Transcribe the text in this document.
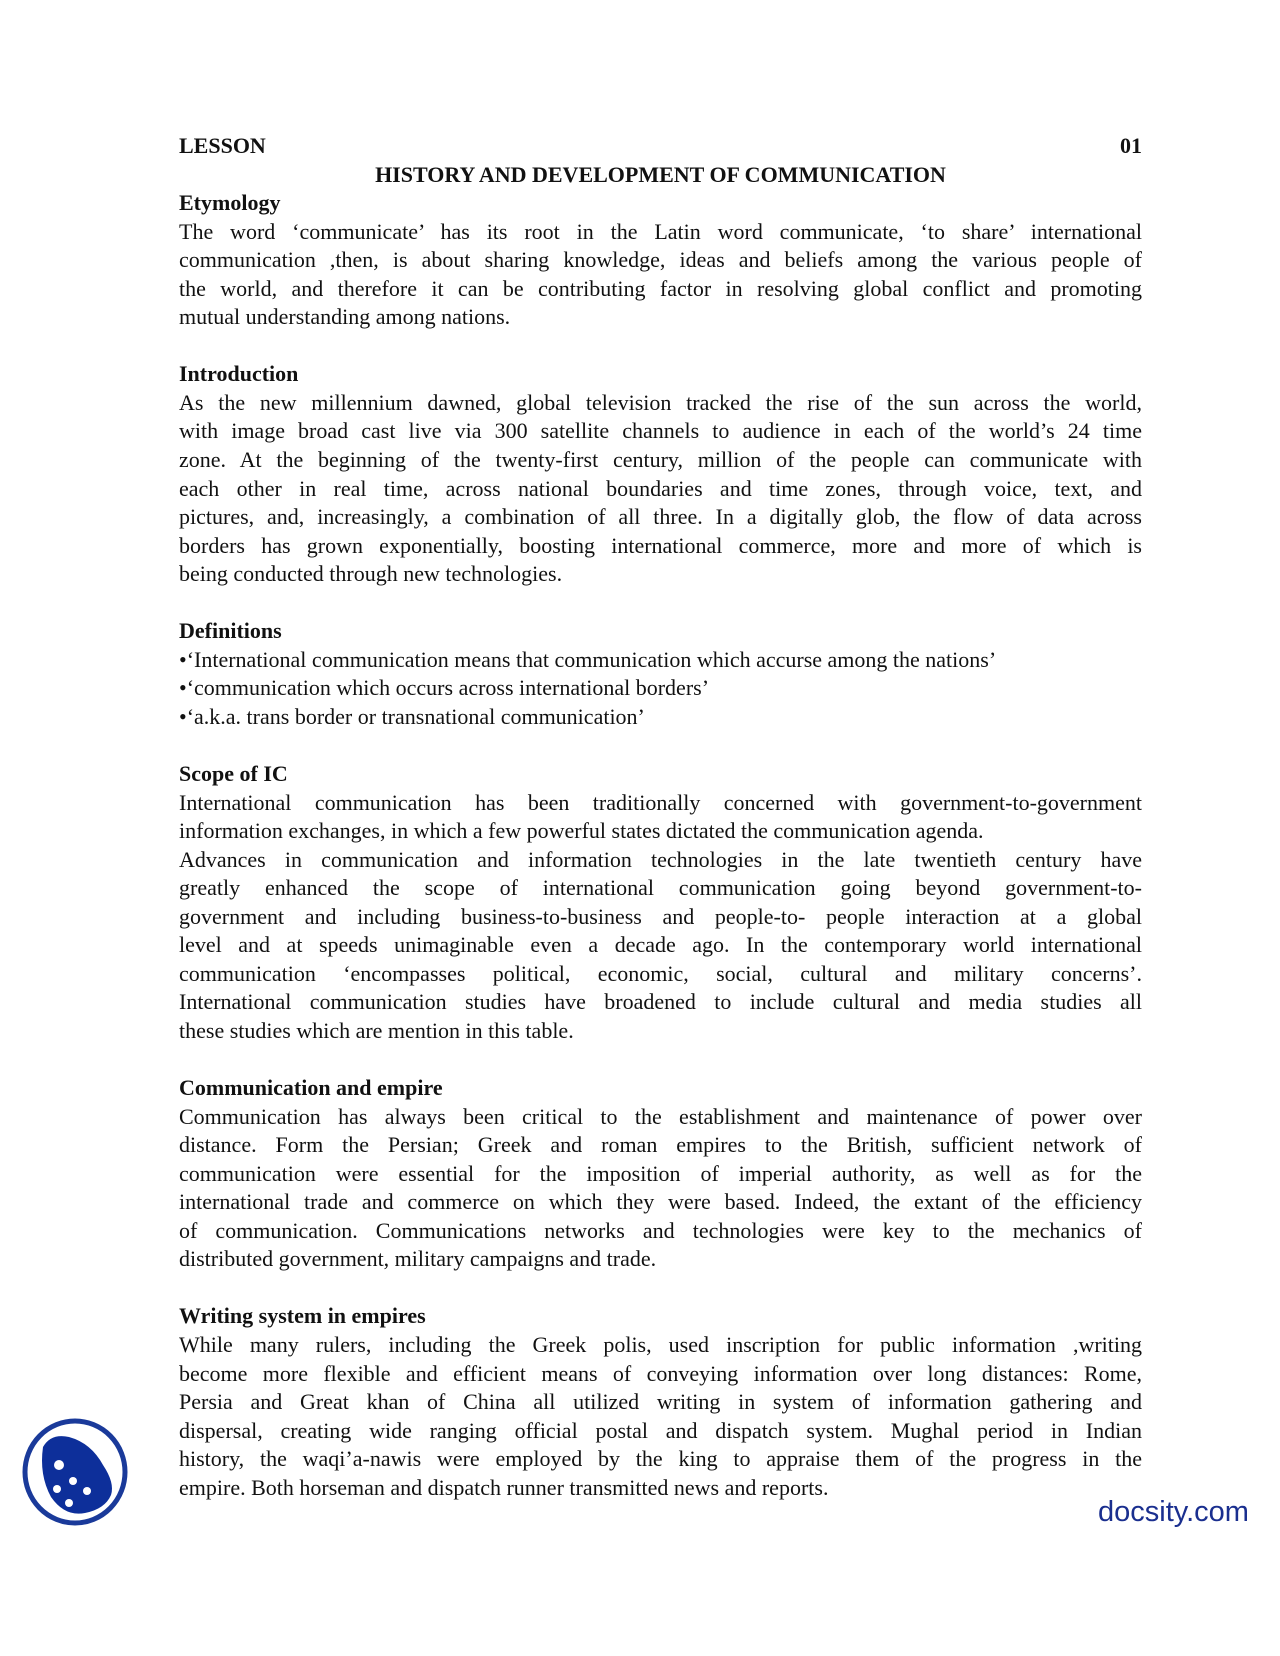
LESSON 01
HISTORY AND DEVELOPMENT OF COMMUNICATION
Etymology
The word ‘communicate’ has its root in the Latin word communicate, ‘to share’ international
communication ,then, is about sharing knowledge, ideas and beliefs among the various people of
the world, and therefore it can be contributing factor in resolving global conflict and promoting
mutual understanding among nations.
Introduction
As the new millennium dawned, global television tracked the rise of the sun across the world,
with image broad cast live via 300 satellite channels to audience in each of the world’s 24 time
zone. At the beginning of the twenty-first century, million of the people can communicate with
each other in real time, across national boundaries and time zones, through voice, text, and
pictures, and, increasingly, a combination of all three. In a digitally glob, the flow of data across
borders has grown exponentially, boosting international commerce, more and more of which is
being conducted through new technologies.
Definitions
•‘International communication means that communication which accurse among the nations’
•‘communication which occurs across international borders’
•‘a.k.a. trans border or transnational communication’
Scope of IC
International communication has been traditionally concerned with government-to-government
information exchanges, in which a few powerful states dictated the communication agenda.
Advances in communication and information technologies in the late twentieth century have
greatly enhanced the scope of international communication going beyond government-to-
government and including business-to-business and people-to- people interaction at a global
level and at speeds unimaginable even a decade ago. In the contemporary world international
communication ‘encompasses political, economic, social, cultural and military concerns’.
International communication studies have broadened to include cultural and media studies all
these studies which are mention in this table.
Communication and empire
Communication has always been critical to the establishment and maintenance of power over
distance. Form the Persian; Greek and roman empires to the British, sufficient network of
communication were essential for the imposition of imperial authority, as well as for the
international trade and commerce on which they were based. Indeed, the extant of the efficiency
of communication. Communications networks and technologies were key to the mechanics of
distributed government, military campaigns and trade.
Writing system in empires
While many rulers, including the Greek polis, used inscription for public information ,writing
become more flexible and efficient means of conveying information over long distances: Rome,
Persia and Great khan of China all utilized writing in system of information gathering and
dispersal, creating wide ranging official postal and dispatch system. Mughal period in Indian
history, the waqi’a-nawis were employed by the king to appraise them of the progress in the
empire. Both horseman and dispatch runner transmitted news and reports.
docsity.com
